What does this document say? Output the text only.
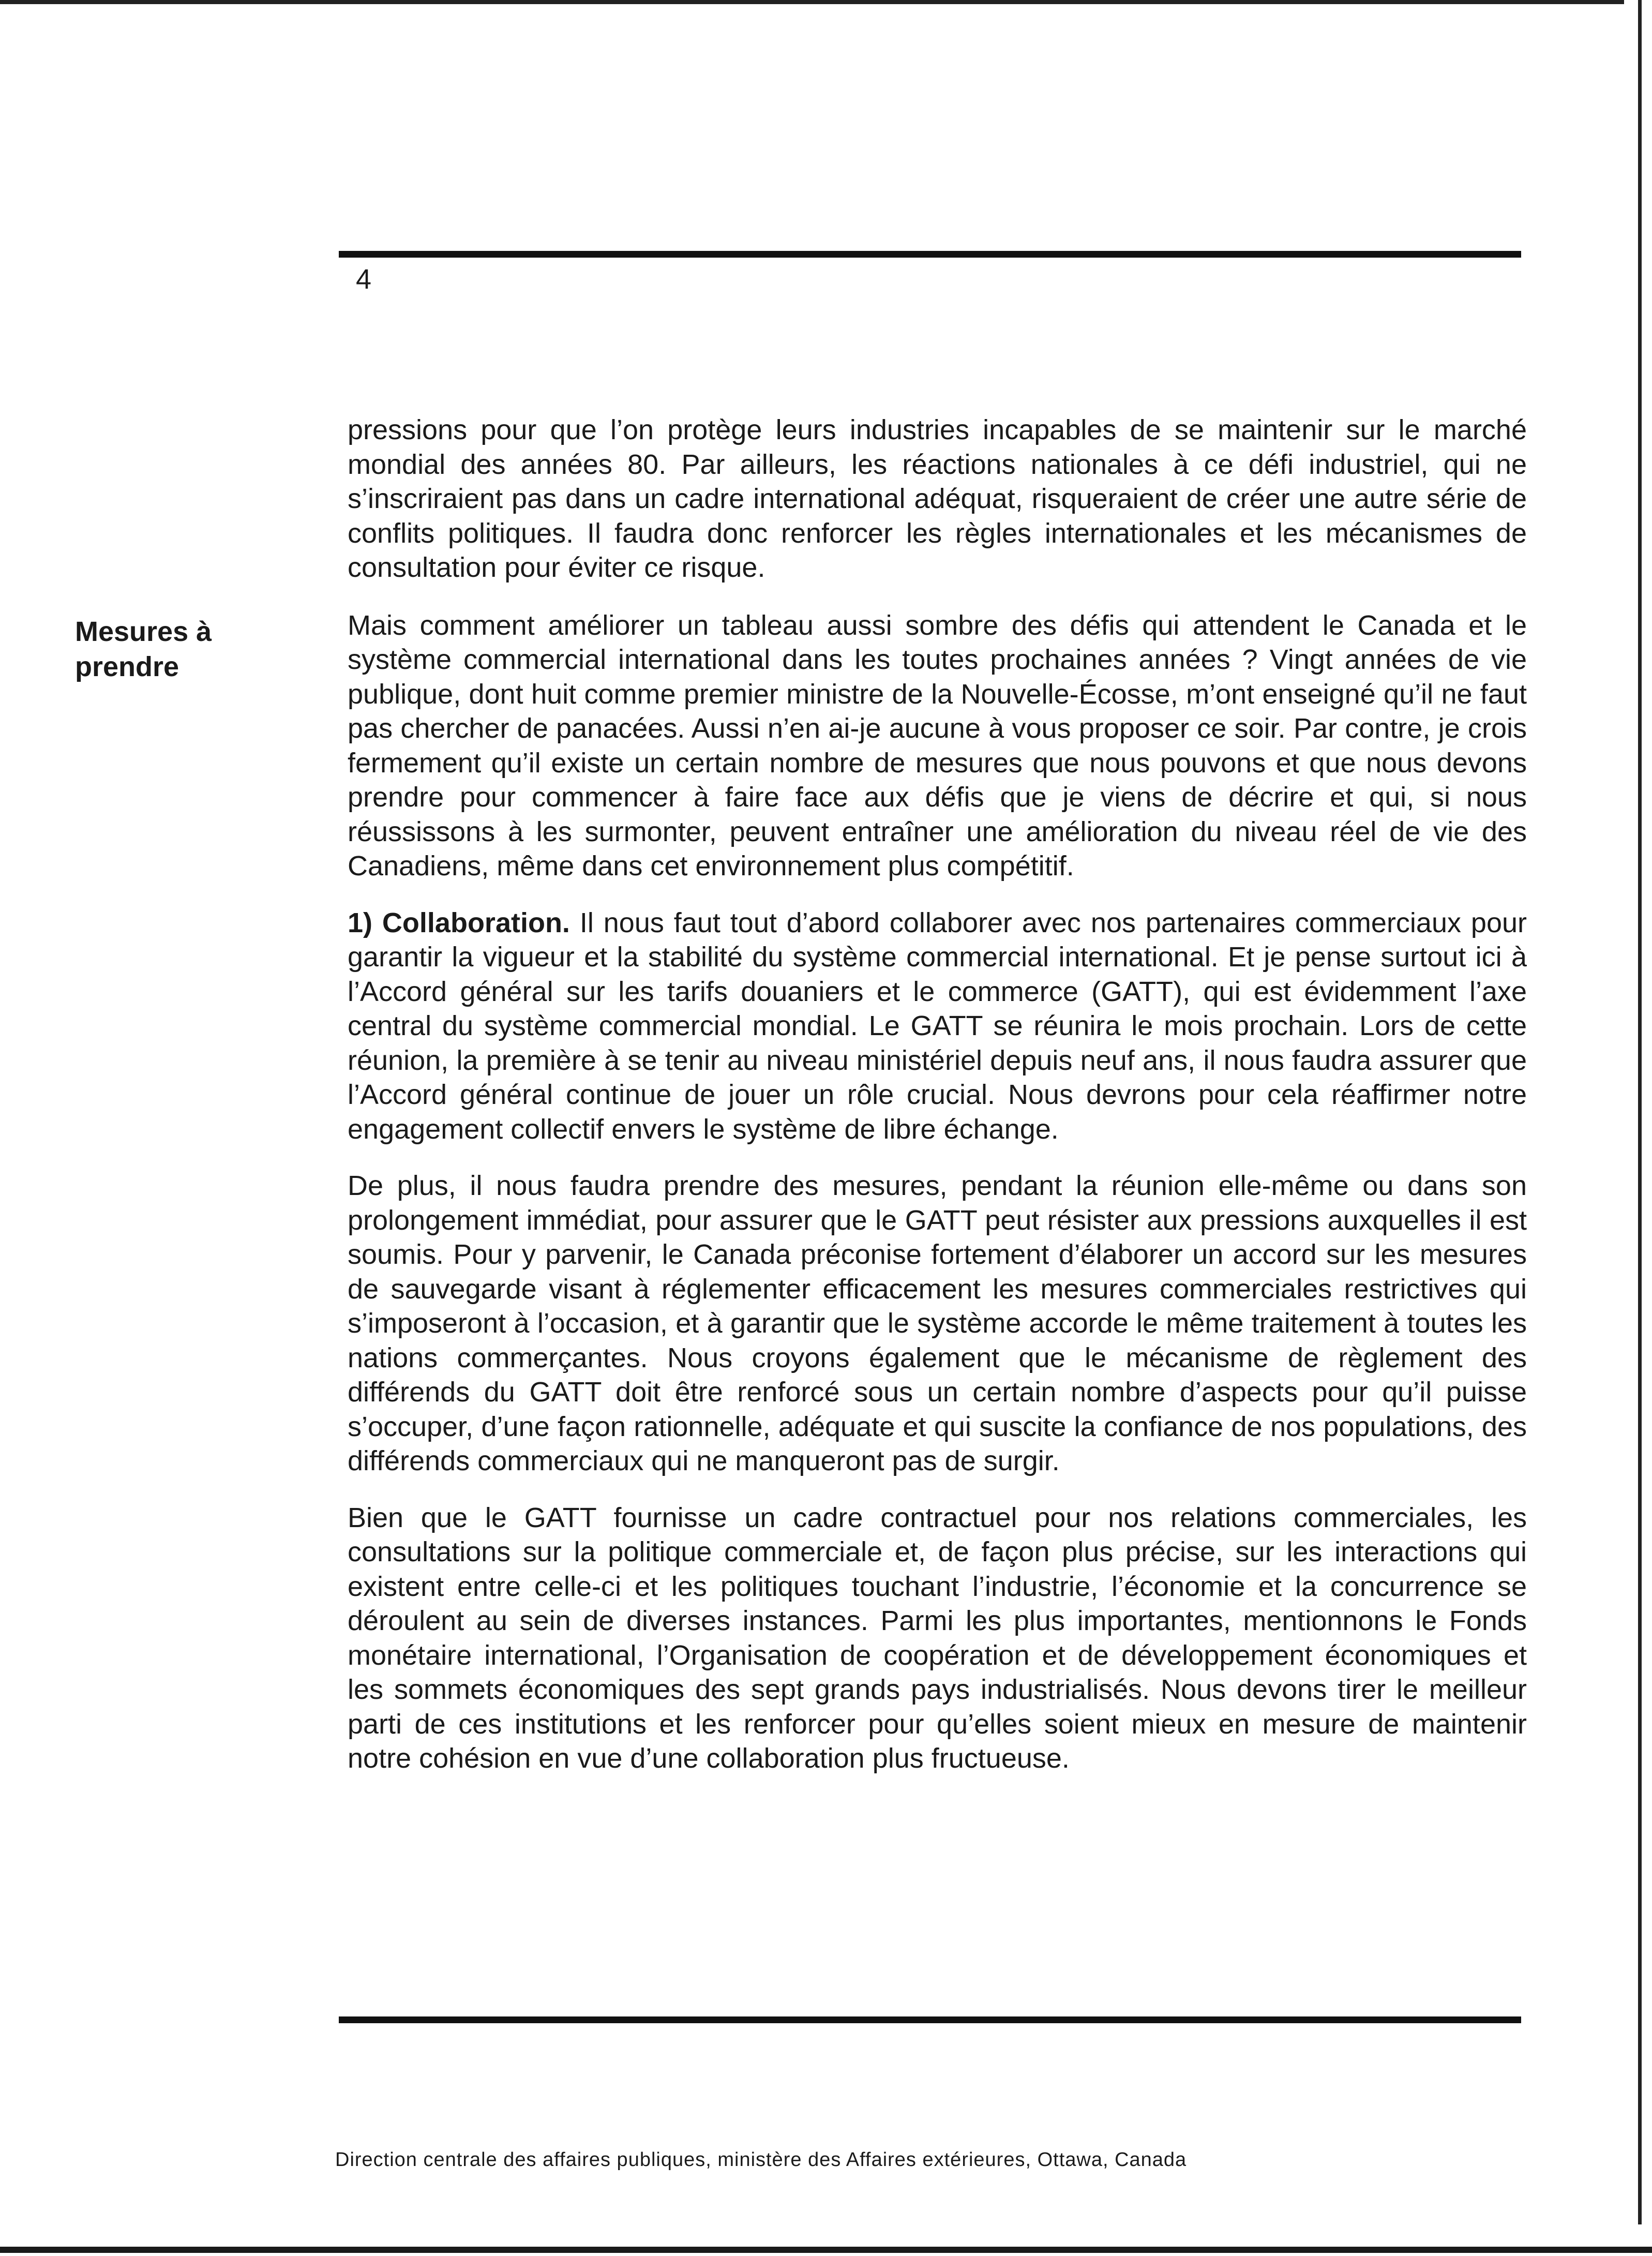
4
Mesures à prendre

pressions pour que l’on protège leurs industries incapables de se maintenir sur le marché mondial des années 80. Par ailleurs, les réactions nationales à ce défi industriel, qui ne s’inscriraient pas dans un cadre international adéquat, risqueraient de créer une autre série de conflits politiques. Il faudra donc renforcer les règles internationales et les mécanismes de consultation pour éviter ce risque.

Mais comment améliorer un tableau aussi sombre des défis qui attendent le Canada et le système commercial international dans les toutes prochaines années ? Vingt années de vie publique, dont huit comme premier ministre de la Nouvelle-Écosse, m’ont enseigné qu’il ne faut pas chercher de panacées. Aussi n’en ai-je aucune à vous proposer ce soir. Par contre, je crois fermement qu’il existe un certain nombre de mesures que nous pouvons et que nous devons prendre pour commencer à faire face aux défis que je viens de décrire et qui, si nous réussissons à les surmonter, peuvent entraîner une amélioration du niveau réel de vie des Canadiens, même dans cet environnement plus compétitif.

1) Collaboration. Il nous faut tout d’abord collaborer avec nos partenaires commerciaux pour garantir la vigueur et la stabilité du système commercial international. Et je pense surtout ici à l’Accord général sur les tarifs douaniers et le commerce (GATT), qui est évidemment l’axe central du système commercial mondial. Le GATT se réunira le mois prochain. Lors de cette réunion, la première à se tenir au niveau ministériel depuis neuf ans, il nous faudra assurer que l’Accord général continue de jouer un rôle crucial. Nous devrons pour cela réaffirmer notre engagement collectif envers le système de libre échange.

De plus, il nous faudra prendre des mesures, pendant la réunion elle-même ou dans son prolongement immédiat, pour assurer que le GATT peut résister aux pressions auxquelles il est soumis. Pour y parvenir, le Canada préconise fortement d’élaborer un accord sur les mesures de sauvegarde visant à réglementer efficacement les mesures commerciales restrictives qui s’imposeront à l’occasion, et à garantir que le système accorde le même traitement à toutes les nations commerçantes. Nous croyons également que le mécanisme de règlement des différends du GATT doit être renforcé sous un certain nombre d’aspects pour qu’il puisse s’occuper, d’une façon rationnelle, adéquate et qui suscite la confiance de nos populations, des différends commerciaux qui ne manqueront pas de surgir.

Bien que le GATT fournisse un cadre contractuel pour nos relations commerciales, les consultations sur la politique commerciale et, de façon plus précise, sur les interactions qui existent entre celle-ci et les politiques touchant l’industrie, l’économie et la concurrence se déroulent au sein de diverses instances. Parmi les plus importantes, mentionnons le Fonds monétaire international, l’Organisation de coopération et de développement économiques et les sommets économiques des sept grands pays industrialisés. Nous devons tirer le meilleur parti de ces institutions et les renforcer pour qu’elles soient mieux en mesure de maintenir notre cohésion en vue d’une collaboration plus fructueuse.

Direction centrale des affaires publiques, ministère des Affaires extérieures, Ottawa, Canada
